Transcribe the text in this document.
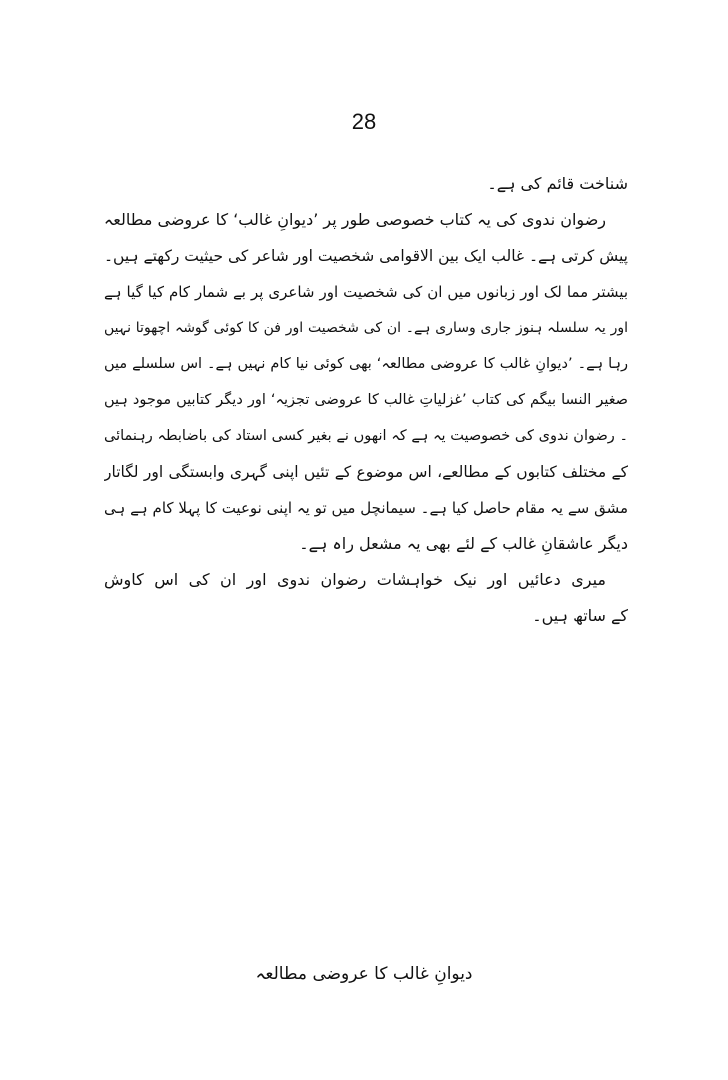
28
شناخت قائم کی ہے۔
رضوان ندوی کی یہ کتاب خصوصی طور پر ’دیوانِ غالب‘ کا عروضی مطالعہ
پیش کرتی ہے۔ غالب ایک بین الاقوامی شخصیت اور شاعر کی حیثیت رکھتے ہیں۔
بیشتر مما لک اور زبانوں میں ان کی شخصیت اور شاعری پر بے شمار کام کیا گیا ہے
اور یہ سلسلہ ہنوز جاری وساری ہے۔ ان کی شخصیت اور فن کا کوئی گوشہ اچھوتا نہیں
رہا ہے۔ ’دیوانِ غالب کا عروضی مطالعہ‘ بھی کوئی نیا کام نہیں ہے۔ اس سلسلے میں
صغیر النسا بیگم کی کتاب ’غزلیاتِ غالب کا عروضی تجزیہ‘ اور دیگر کتابیں موجود ہیں
۔ رضوان ندوی کی خصوصیت یہ ہے کہ انھوں نے بغیر کسی استاد کی باضابطہ رہنمائی
کے مختلف کتابوں کے مطالعے، اس موضوع کے تئیں اپنی گہری وابستگی اور لگاتار
مشق سے یہ مقام حاصل کیا ہے۔ سیمانچل میں تو یہ اپنی نوعیت کا پہلا کام ہے ہی
دیگر عاشقانِ غالب کے لئے بھی یہ مشعل راہ ہے۔
میری دعائیں اور نیک خواہشات رضوان ندوی اور ان کی اس کاوش
کے ساتھ ہیں۔
دیوانِ غالب کا عروضی مطالعہ
